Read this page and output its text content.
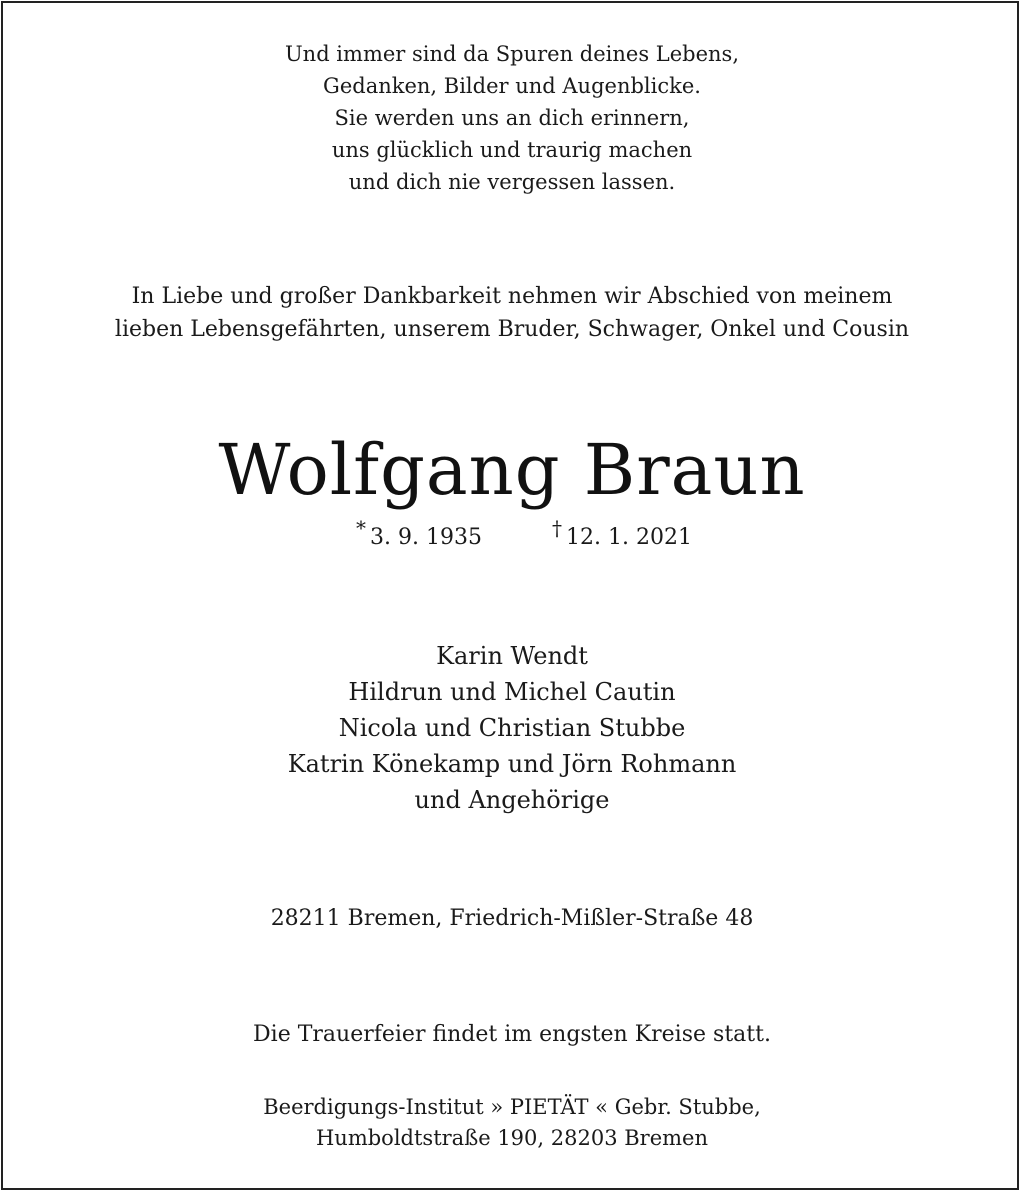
Und immer sind da Spuren deines Lebens,
Gedanken, Bilder und Augenblicke.
Sie werden uns an dich erinnern,
uns glücklich und traurig machen
und dich nie vergessen lassen.
In Liebe und großer Dankbarkeit nehmen wir Abschied von meinem
lieben Lebensgefährten, unserem Bruder, Schwager, Onkel und Cousin
Wolfgang Braun
* 3. 9. 1935	† 12. 1. 2021
Karin Wendt
Hildrun und Michel Cautin
Nicola und Christian Stubbe
Katrin Könekamp und Jörn Rohmann
und Angehörige
28211 Bremen, Friedrich-Mißler-Straße 48
Die Trauerfeier findet im engsten Kreise statt.
Beerdigungs-Institut » PIETÄT « Gebr. Stubbe,
Humboldtstraße 190, 28203 Bremen
